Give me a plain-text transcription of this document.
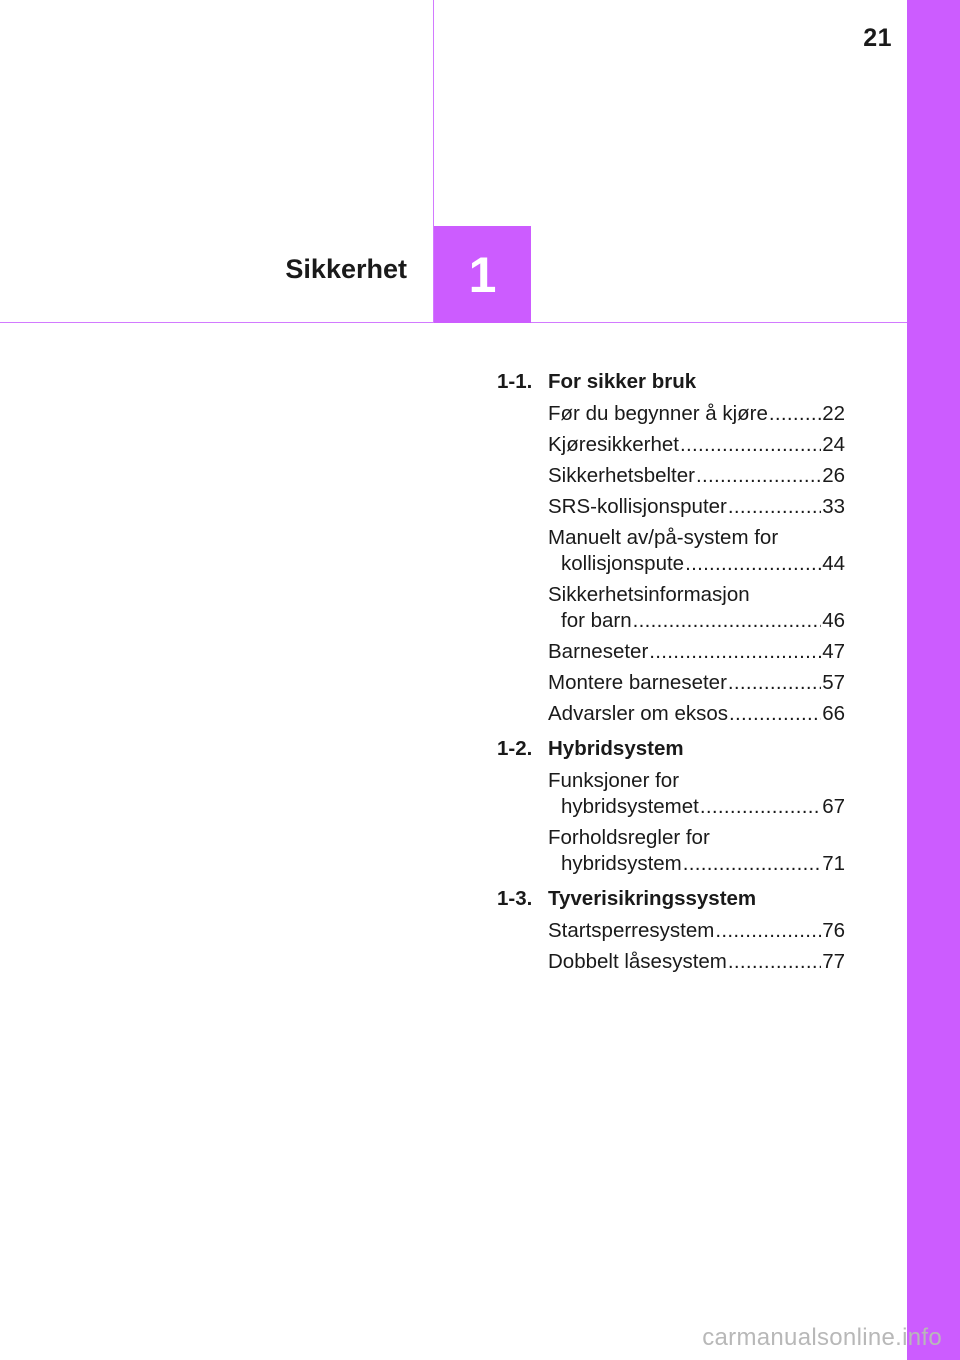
21
Sikkerhet 1
1-1. For sikker bruk
Før du begynner å kjøre .....	22
Kjøresikkerhet .....	24
Sikkerhetsbelter .....	26
SRS-kollisjonsputer .....	33
Manuelt av/på-system for
kollisjonspute .....	44
Sikkerhetsinformasjon
for barn .....	46
Barneseter .....	47
Montere barneseter .....	57
Advarsler om eksos .....	66
1-2. Hybridsystem
Funksjoner for
hybridsystemet .....	67
Forholdsregler for
hybridsystem .....	71
1-3. Tyverisikringssystem
Startsperresystem .....	76
Dobbelt låsesystem .....	77
carmanualsonline.info
